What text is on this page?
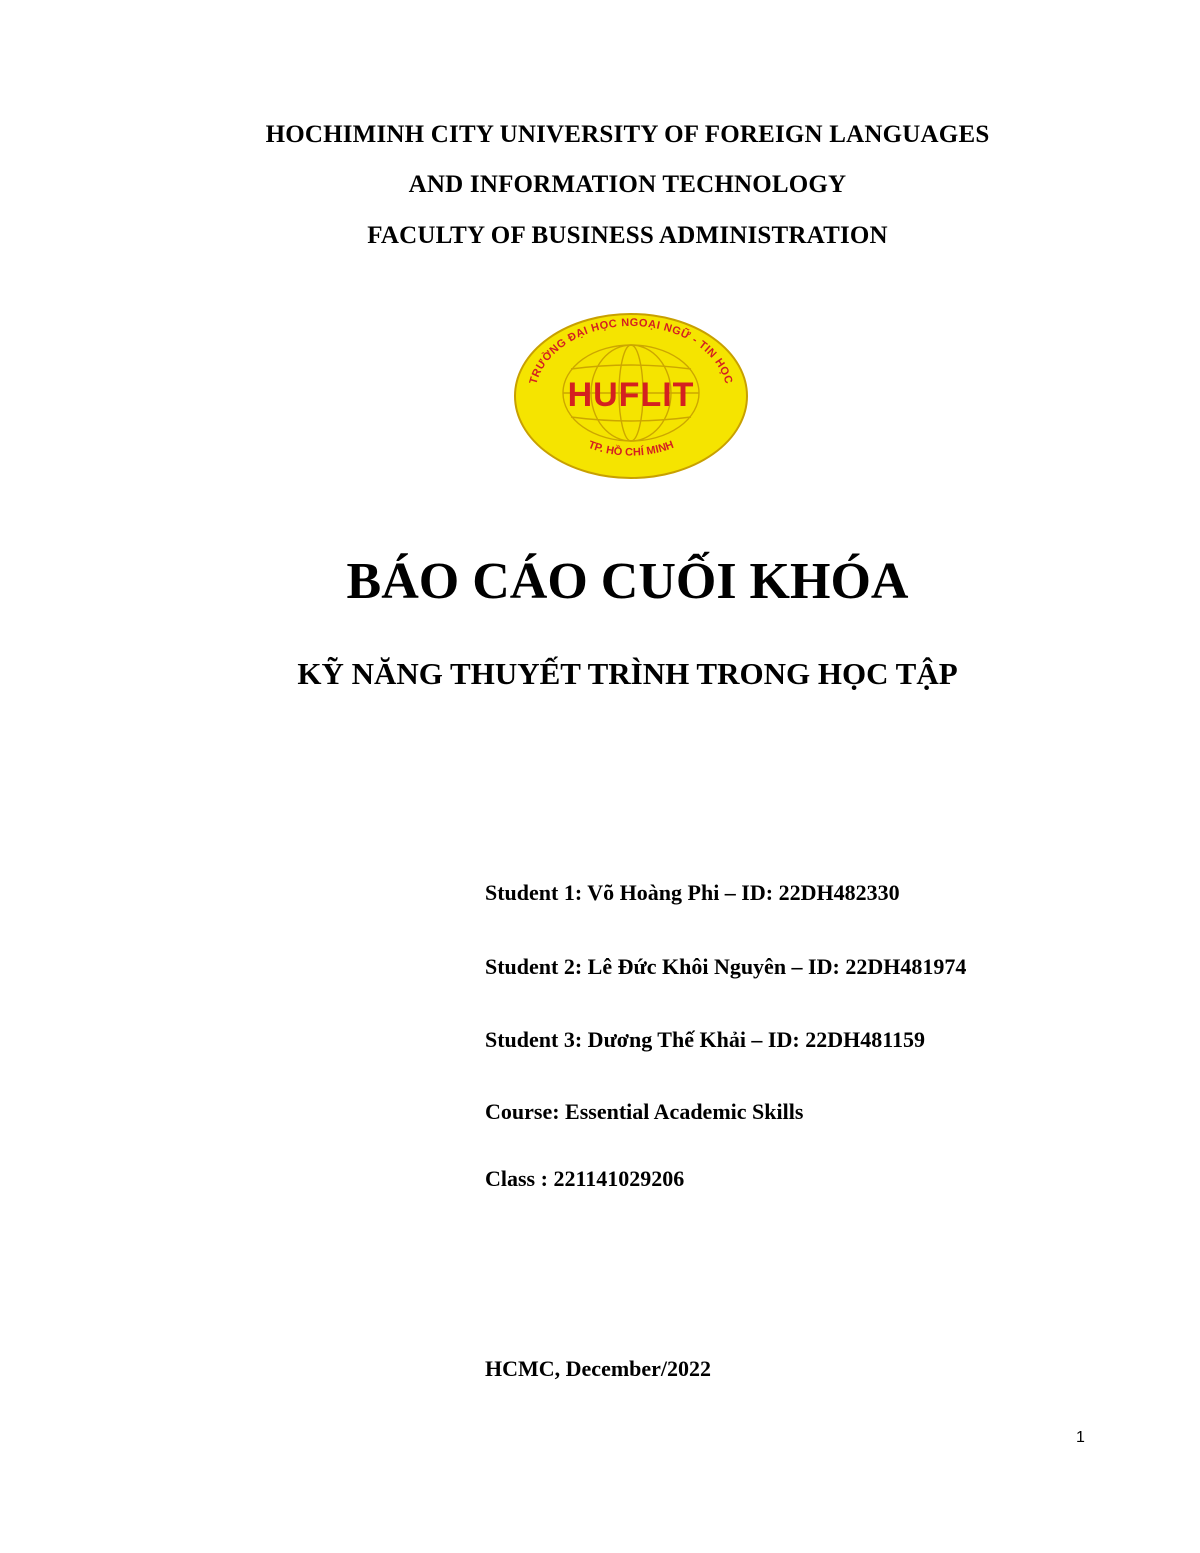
HOCHIMINH CITY UNIVERSITY OF FOREIGN LANGUAGES
AND INFORMATION TECHNOLOGY
FACULTY OF BUSINESS ADMINISTRATION
TRƯỜNG ĐẠI HỌC NGOẠI NGỮ - TIN HỌC
HUFLIT
TP. HỒ CHÍ MINH
BÁO CÁO CUỐI KHÓA
KỸ NĂNG THUYẾT TRÌNH TRONG HỌC TẬP
Student 1: Võ Hoàng Phi – ID: 22DH482330
Student 2: Lê Đức Khôi Nguyên – ID: 22DH481974
Student 3: Dương Thế Khải – ID: 22DH481159
Course: Essential Academic Skills
Class : 221141029206
HCMC, December/2022
1
